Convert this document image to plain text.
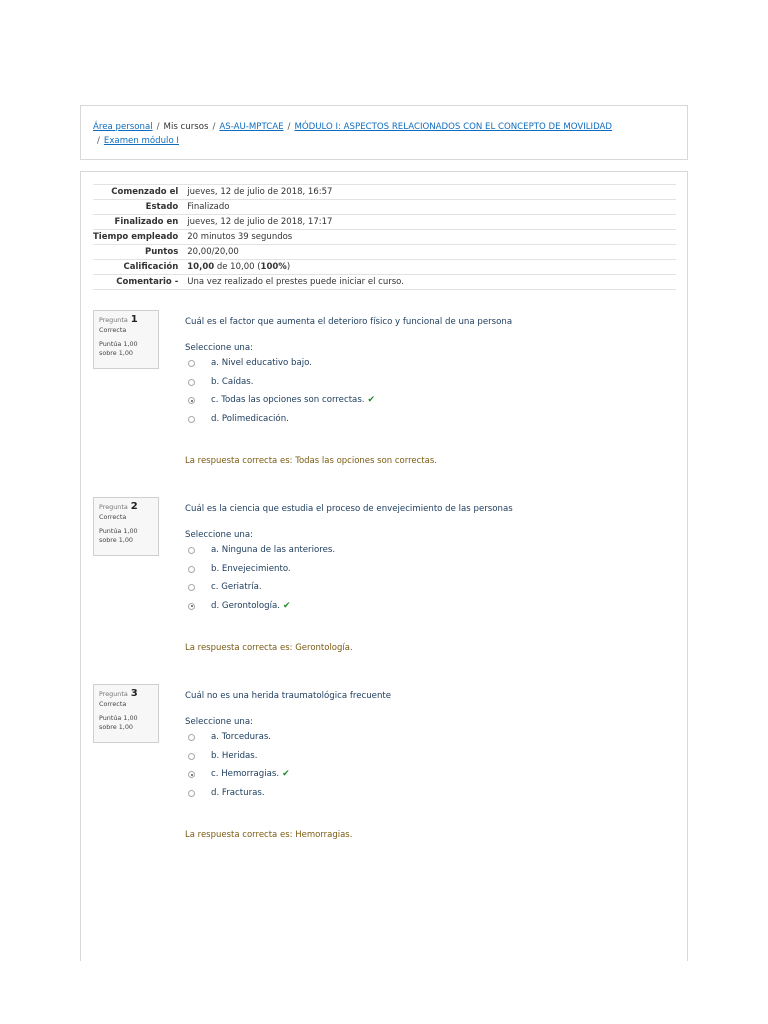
Área personal / Mis cursos / AS-AU-MPTCAE / MÓDULO I: ASPECTOS RELACIONADOS CON EL CONCEPTO DE MOVILIDAD
/ Examen módulo I
Comenzado el	jueves, 12 de julio de 2018, 16:57
Estado	Finalizado
Finalizado en	jueves, 12 de julio de 2018, 17:17
Tiempo empleado	20 minutos 39 segundos
Puntos	20,00/20,00
Calificación	10,00 de 10,00 (100%)
Comentario -	Una vez realizado el prestes puede iniciar el curso.
Pregunta 1
Correcta
Puntúa 1,00 sobre 1,00
Cuál es el factor que aumenta el deterioro físico y funcional de una persona
Seleccione una:
a. Nivel educativo bajo.
b. Caídas.
c. Todas las opciones son correctas. ✔
d. Polimedicación.
La respuesta correcta es: Todas las opciones son correctas.
Pregunta 2
Correcta
Puntúa 1,00 sobre 1,00
Cuál es la ciencia que estudia el proceso de envejecimiento de las personas
Seleccione una:
a. Ninguna de las anteriores.
b. Envejecimiento.
c. Geriatría.
d. Gerontología. ✔
La respuesta correcta es: Gerontología.
Pregunta 3
Correcta
Puntúa 1,00 sobre 1,00
Cuál no es una herida traumatológica frecuente
Seleccione una:
a. Torceduras.
b. Heridas.
c. Hemorragias. ✔
d. Fracturas.
La respuesta correcta es: Hemorragias.
